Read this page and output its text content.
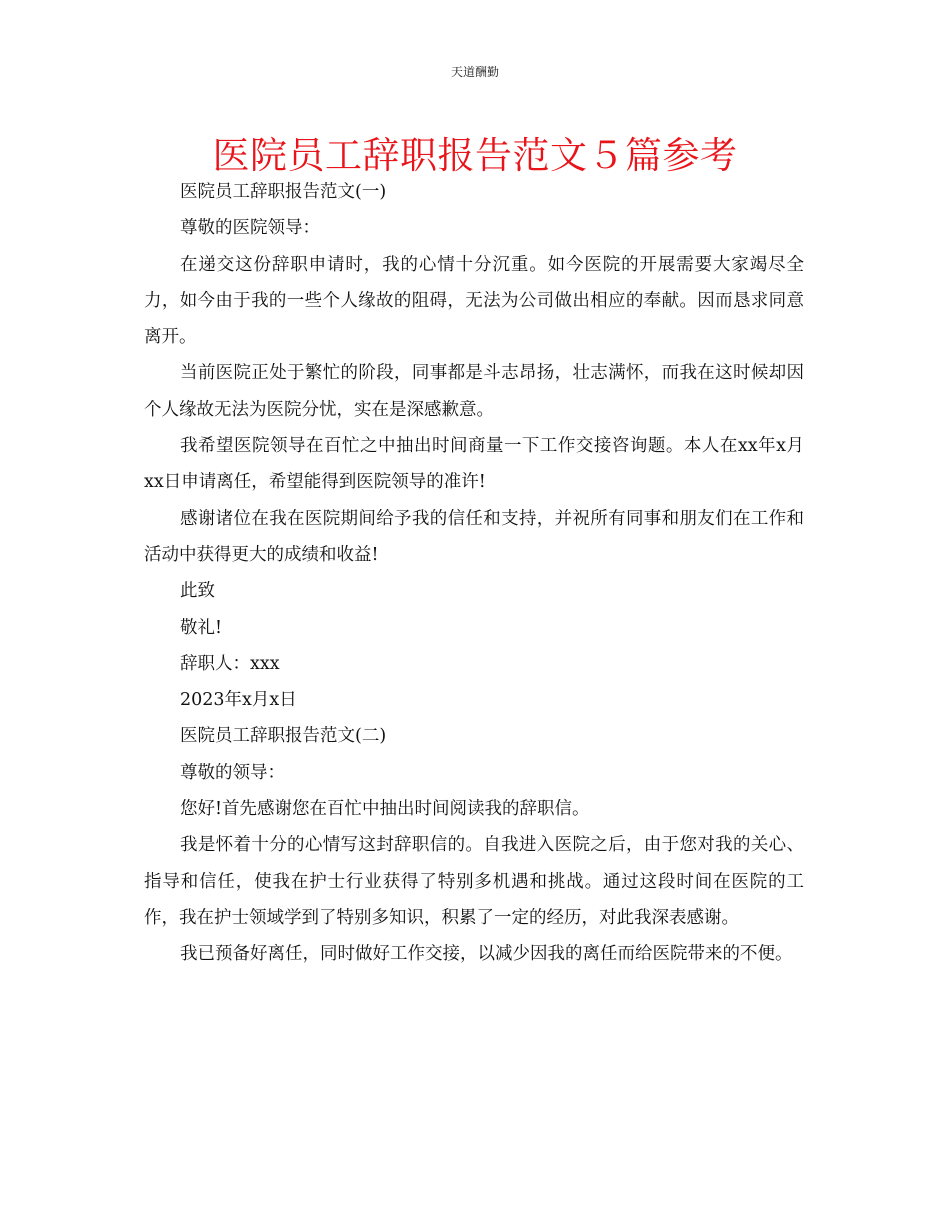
天道酬勤
医院员工辞职报告范文５篇参考

医院员工辞职报告范文(一)

尊敬的医院领导：

在递交这份辞职申请时，我的心情十分沉重。如今医院的开展需要大家竭尽全力，如今由于我的一些个人缘故的阻碍，无法为公司做出相应的奉献。因而恳求同意离开。

当前医院正处于繁忙的阶段，同事都是斗志昂扬，壮志满怀，而我在这时候却因个人缘故无法为医院分忧，实在是深感歉意。

我希望医院领导在百忙之中抽出时间商量一下工作交接咨询题。本人在xx年x月xx日申请离任，希望能得到医院领导的准许!

感谢诸位在我在医院期间给予我的信任和支持，并祝所有同事和朋友们在工作和活动中获得更大的成绩和收益!

此致

敬礼!

辞职人：xxx

2023年x月x日

医院员工辞职报告范文(二)

尊敬的领导：

您好!首先感谢您在百忙中抽出时间阅读我的辞职信。

我是怀着十分的心情写这封辞职信的。自我进入医院之后，由于您对我的关心、指导和信任，使我在护士行业获得了特别多机遇和挑战。通过这段时间在医院的工作，我在护士领域学到了特别多知识，积累了一定的经历，对此我深表感谢。

我已预备好离任，同时做好工作交接，以减少因我的离任而给医院带来的不便。
